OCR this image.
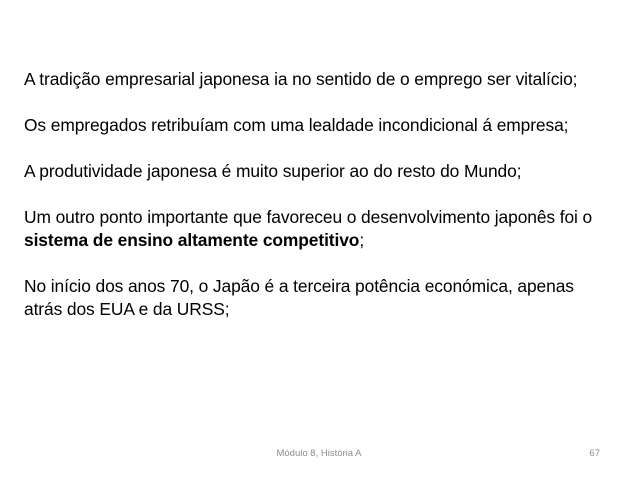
A tradição empresarial japonesa ia no sentido de o emprego ser vitalício;

Os empregados retribuíam com uma lealdade incondicional á empresa;

A produtividade japonesa é muito superior ao do resto do Mundo;

Um outro ponto importante que favoreceu o desenvolvimento japonês foi o sistema de ensino altamente competitivo;

No início dos anos 70, o Japão é a terceira potência económica, apenas atrás dos EUA e da URSS;

Módulo 8, História A	67
